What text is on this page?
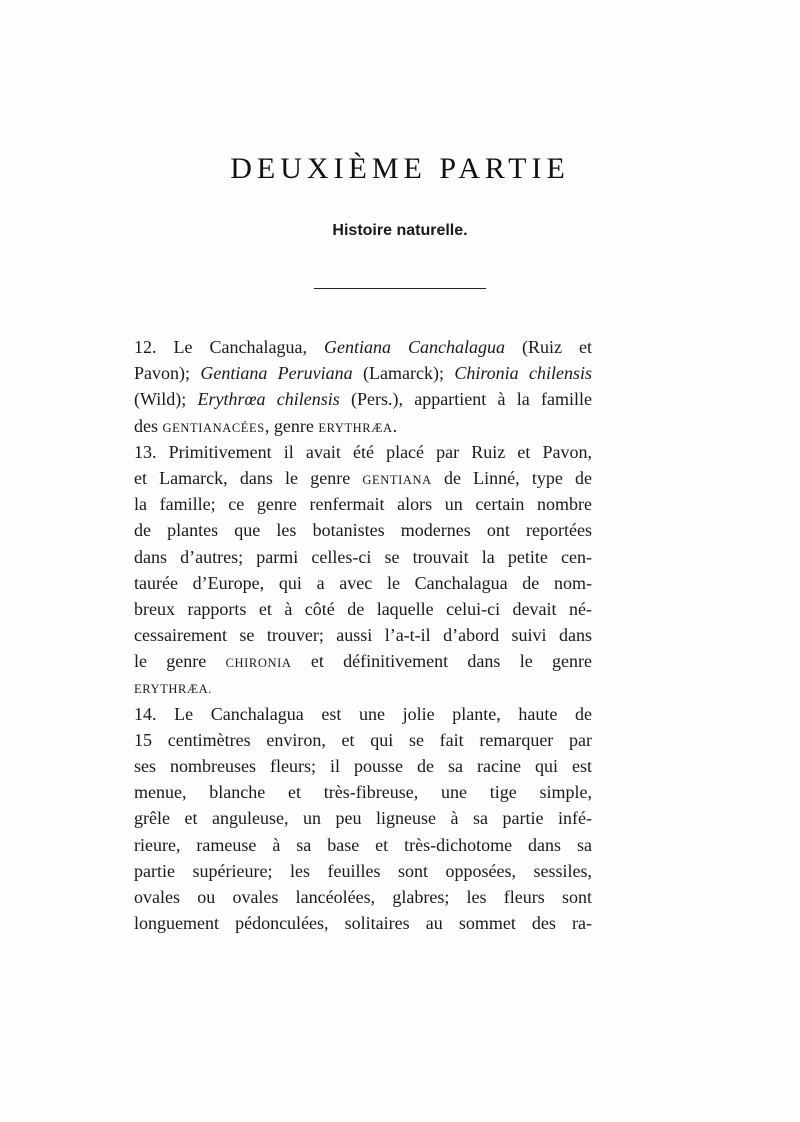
DEUXIÈME PARTIE
Histoire naturelle.
12. Le Canchalagua, Gentiana Canchalagua (Ruiz et
Pavon); Gentiana Peruviana (Lamarck); Chironia chilensis
(Wild); Erythrœa chilensis (Pers.), appartient à la famille
des GENTIANACÉES, genre ERYTHRÆA.
13. Primitivement il avait été placé par Ruiz et Pavon,
et Lamarck, dans le genre GENTIANA de Linné, type de
la famille; ce genre renfermait alors un certain nombre
de plantes que les botanistes modernes ont reportées
dans d’autres; parmi celles-ci se trouvait la petite cen-
taurée d’Europe, qui a avec le Canchalagua de nom-
breux rapports et à côté de laquelle celui-ci devait né-
cessairement se trouver; aussi l’a-t-il d’abord suivi dans
le genre CHIRONIA et définitivement dans le genre
ERYTHRÆA.
14. Le Canchalagua est une jolie plante, haute de
15 centimètres environ, et qui se fait remarquer par
ses nombreuses fleurs; il pousse de sa racine qui est
menue, blanche et très-fibreuse, une tige simple,
grêle et anguleuse, un peu ligneuse à sa partie infé-
rieure, rameuse à sa base et très-dichotome dans sa
partie supérieure; les feuilles sont opposées, sessiles,
ovales ou ovales lancéolées, glabres; les fleurs sont
longuement pédonculées, solitaires au sommet des ra-
